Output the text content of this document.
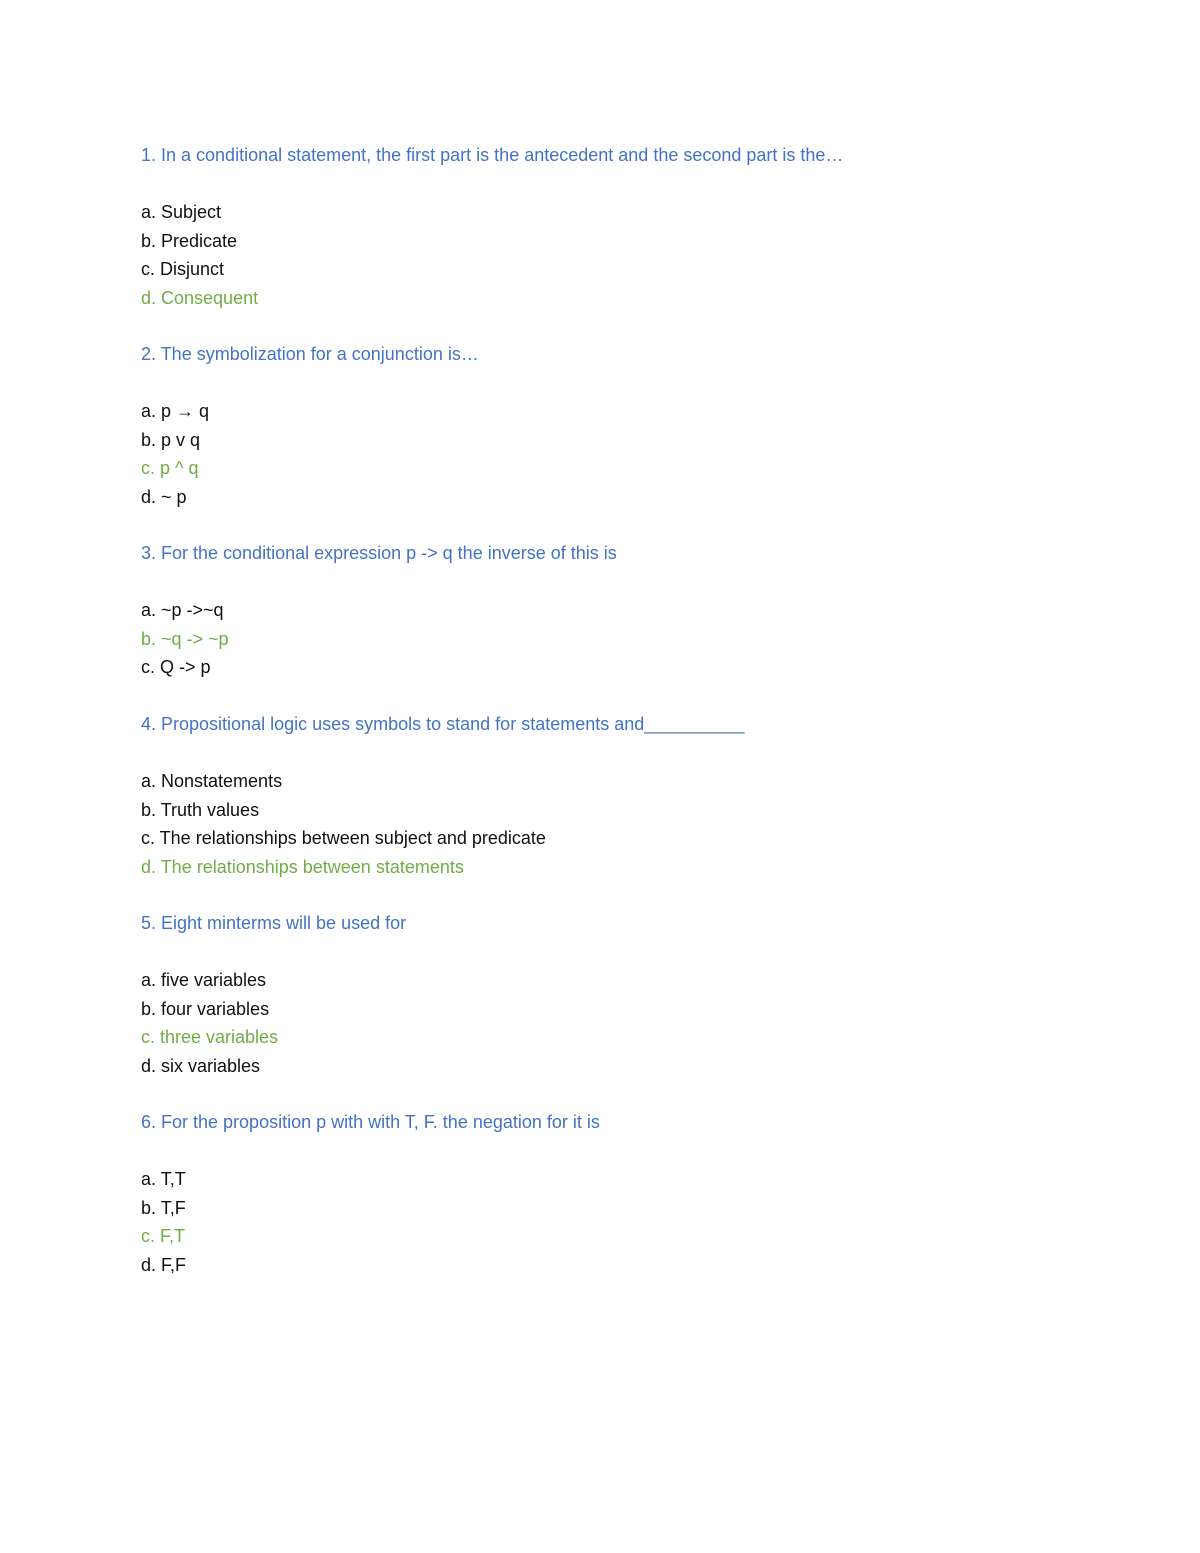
1. In a conditional statement, the first part is the antecedent and the second part is the…
a. Subject
b. Predicate
c. Disjunct
d. Consequent
2. The symbolization for a conjunction is…
a. p → q
b. p v q
c. p ^ q
d. ~ p
3. For the conditional expression p -> q the inverse of this is
a. ~p ->~q
b. ~q -> ~p
c. Q -> p
4. Propositional logic uses symbols to stand for statements and__________
a. Nonstatements
b. Truth values
c. The relationships between subject and predicate
d. The relationships between statements
5. Eight minterms will be used for
a. five variables
b. four variables
c. three variables
d. six variables
6. For the proposition p with with T, F. the negation for it is
a. T,T
b. T,F
c. F,T
d. F,F
